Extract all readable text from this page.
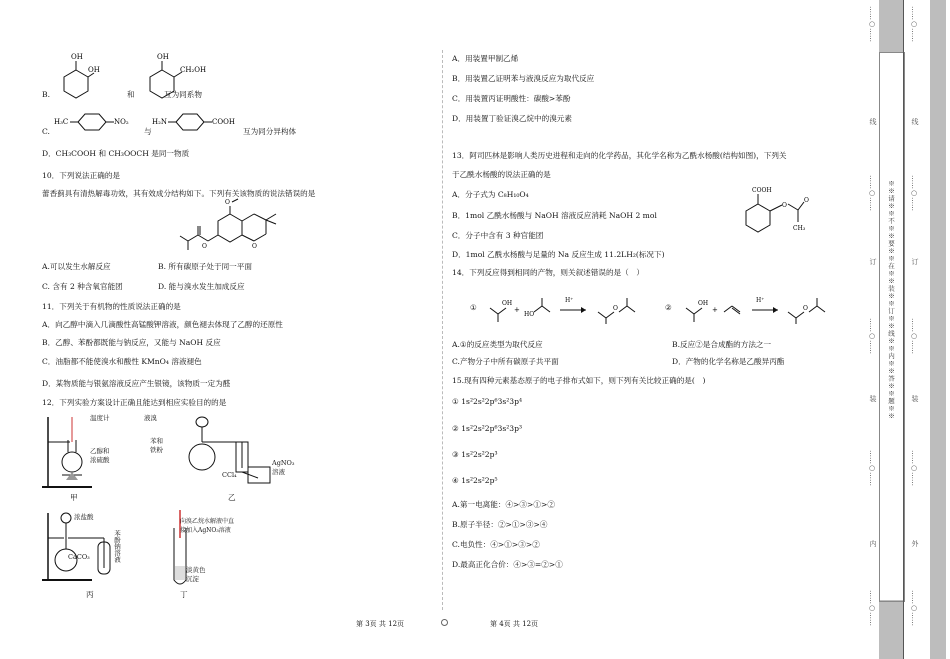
B.
OH
OH
和
OH
CH₂OH
互为同系物
C.
H₃C	NO₂
与
H₂N	COOH
互为同分异构体
D．CH₃COOH 和 CH₃OOCH 是同一物质
10．下列说法正确的是
蕾香蓟具有清热解毒功效，其有效成分结构如下。下列有关该物质的说法错误的是
O
O
O
A.可以发生水解反应	B. 所有碳原子处于同一平面
C. 含有 2 种含氧官能团	D. 能与溴水发生加成反应
11．下列关于有机物的性质说法正确的是
A．向乙醇中滴入几滴酸性高锰酸钾溶液，颜色褪去体现了乙醇的还原性
B．乙醇、苯酚都既能与钠反应，又能与 NaOH 反应
C．油脂都不能使溴水和酸性 KMnO₄ 溶液褪色
D．某物质能与银氨溶液反应产生银镜，该物质一定为醛
12．下列实验方案设计正确且能达到相应实验目的的是
温度计
乙醇和
浓硫酸
甲
液溴
苯和
铁粉
CCl₄
AgNO₃
溶液
乙
浓盐酸
CaCO₃	苯酚钠溶液
丙
向溴乙烷水解液中直
接加入AgNO₃溶液
淡黄色
沉淀
丁
A．用装置甲制乙烯
B．用装置乙证明苯与液溴反应为取代反应
C．用装置丙证明酸性：碳酸>苯酚
D．用装置丁验证溴乙烷中的溴元素
13．阿司匹林是影响人类历史进程和走向的化学药品，其化学名称为乙酰水杨酸(结构如图)，下列关
于乙酰水杨酸的说法正确的是
A．分子式为 C₈H₁₀O₄
B．1mol 乙酰水杨酸与 NaOH 溶液反应消耗 NaOH 2 mol
C．分子中含有 3 种官能团
D．1mol 乙酰水杨酸与足量的 Na 反应生成 11.2LH₂(标况下)
COOH
O
O
CH₃
14．下列反应得到相同的产物，则关叙述错误的是（　）
①	OH
+
HO
O
H⁺
②	OH
+	O
H⁺
A.①的反应类型为取代反应	B.反应②是合成酯的方法之一
C.产物分子中所有碳原子共平面	D．产物的化学名称是乙酸异丙酯
15.现有四种元素基态原子的电子排布式如下，则下列有关比较正确的是(　)
① 1s²2s²2p⁶3s²3p⁴
② 1s²2s²2p⁶3s²3p³
③ 1s²2s²2p³
④ 1s²2s²2p⁵
A.第一电离能：④>③>①>②
B.原子半径：②>①>③>④
C.电负性：④>①>③>②
D.最高正化合价：④>③=②>①
第 3页 共 12页	第 4页 共 12页
※※请※※不※※要※※在※※装※※订※※线※※内※※答※※题※※
……○……
线
……○……
订
……○……
装
……○……
内
……○……
……○……
线
……○……
订
……○……
装
……○……
外
……○……
